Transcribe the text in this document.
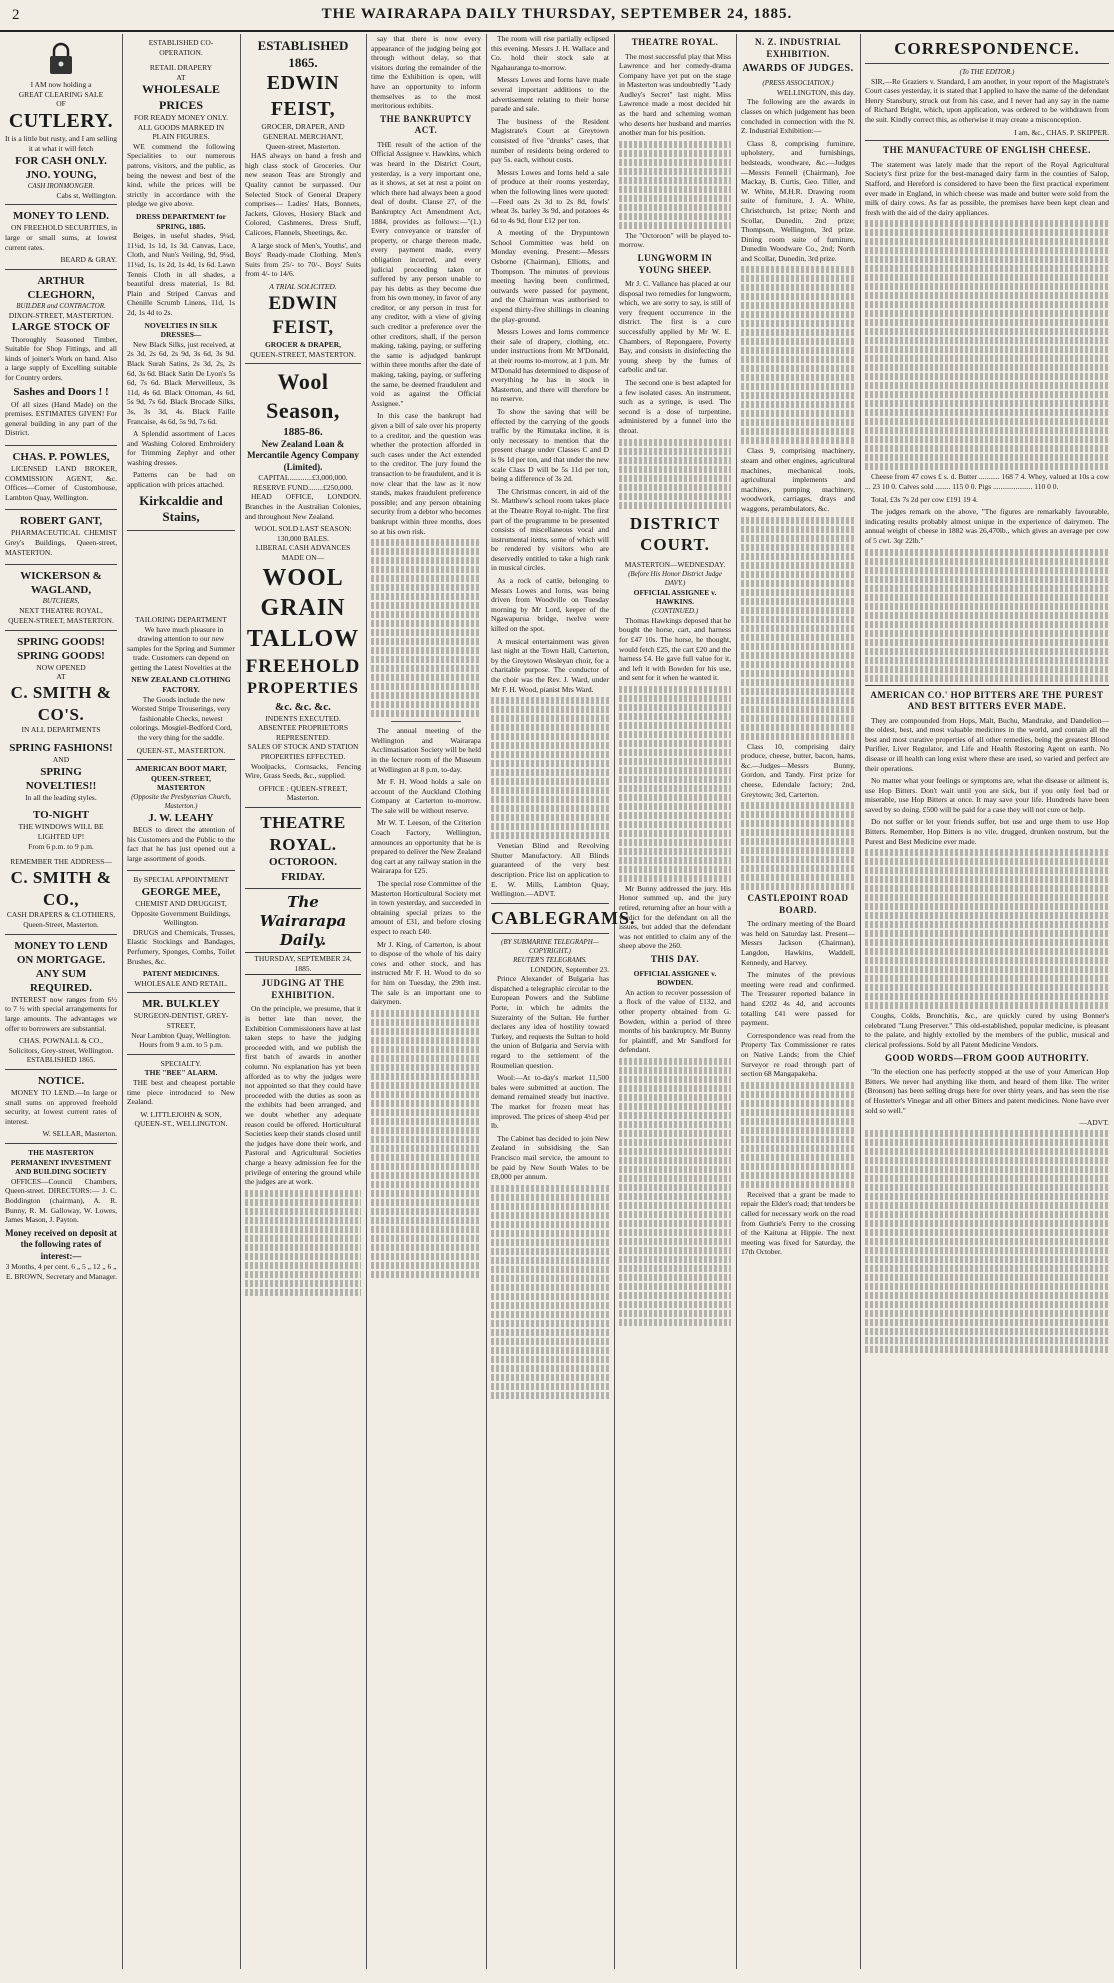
2	THE WAIRARAPA DAILY THURSDAY, SEPTEMBER 24, 1885.
I AM now holding a
GREAT CLEARING SALE
OF
CUTLERY.
It is a little but rusty, and I am selling it at what it will fetch
FOR CASH ONLY.
JNO. YOUNG,
CASH IRONMONGER.
Cabs st, Wellington.
MONEY TO LEND.

ON FREEHOLD SECURITIES, in large or small sums, at lowest current rates.

BEARD & GRAY.
ARTHUR CLEGHORN,
BUILDER and CONTRACTOR.
DIXON-STREET, MASTERTON.
LARGE STOCK OF

Thoroughly Seasoned Timber, Suitable for Shop Fittings, and all kinds of joiner's Work on hand. Also a large supply of Excelling suitable for Country orders.

Sashes and Doors ! !

Of all sizes (Hand Made) on the premises. ESTIMATES GIVEN! For general building in any part of the District.

CHAS. P. POWLES,

LICENSED LAND BROKER, COMMISSION AGENT, &c. Offices—Corner of Customhouse, Lambton Quay, Wellington.

ROBERT GANT,

PHARMACEUTICAL CHEMIST Grey's Buildings, Queen-street, MASTERTON.

WICKERSON & WAGLAND,
BUTCHERS,
NEXT THEATRE ROYAL, QUEEN-STREET, MASTERTON.
SPRING GOODS!
SPRING GOODS!
NOW OPENED
AT
C. SMITH & CO'S.
IN ALL DEPARTMENTS
SPRING FASHIONS!
AND
SPRING NOVELTIES!!
In all the leading styles.
TO-NIGHT
THE WINDOWS WILL BE
LIGHTED UP!
From 6 p.m. to 9 p.m.
REMEMBER THE ADDRESS—
C. SMITH & CO.,
CASH DRAPERS & CLOTHIERS,
Queen-Street, Masterton.
MONEY TO LEND ON MORTGAGE.
ANY SUM REQUIRED.

INTEREST now ranges from 6½ to 7 ½ with special arrangements for large amounts. The advantages we offer to borrowers are substantial.

CHAS. POWNALL & CO.,
Solicitors, Grey-street, Wellington. ESTABLISHED 1865.
NOTICE.

MONEY TO LEND.—In large or small sums on approved freehold security, at lowest current rates of interest.

W. SELLAR, Masterton.
THE MASTERTON PERMANENT INVESTMENT AND BUILDING SOCIETY

OFFICES—Council Chambers, Queen-street. DIRECTORS:— J. C. Boddington (chairman), A. R. Bunny, R. M. Galloway, W. Lowes, James Mason, J. Payton.

Money received on deposit at the following rates of interest:—
3 Months, 4 per cent. 6 „ 5 „ 12 „ 6 „
E. BROWN, Secretary and Manager.
ESTABLISHED CO-OPERATION.
RETAIL DRAPERY
AT
WHOLESALE PRICES
FOR READY MONEY ONLY.
ALL GOODS MARKED IN PLAIN FIGURES.

WE commend the following Specialities to our numerous patrons, visitors, and the public, as being the newest and best of the kind, while the prices will be strictly in accordance with the pledge we give above.

DRESS DEPARTMENT for SPRING, 1885.

Beiges, in useful shades, 9¼d, 11¼d, 1s 1d, 1s 3d. Canvas, Lace, Cloth, and Nun's Veiling, 9d, 9¼d, 11¼d, 1s, 1s 2d, 1s 4d, 1s 6d. Lawn Tennis Cloth in all shades, a beautiful dress material, 1s 8d. Plain and Striped Canvas and Chenille Scrumb Linens, 11d, 1s 2d, 1s 4d to 2s.

NOVELTIES IN SILK DRESSES—

New Black Silks, just received, at 2s 3d, 2s 6d, 2s 9d, 3s 6d, 3s 9d. Black Surah Satins, 2s 3d, 2s, 2s 6d, 3s 6d. Black Satin De Lyon's 5s 6d, 7s 6d. Black Merveilleux, 3s 11d, 4s 6d. Black Ottoman, 4s 6d, 5s 9d, 7s 6d. Black Brocade Silks, 3s, 3s 3d, 4s. Black Faille Francaise, 4s 6d, 5s 9d, 7s 6d.

A Splendid assortment of Laces and Washing Colored Embroidery for Trimming Zephyr and other washing dresses.

Patterns can be had on application with prices attached.

Kirkcaldie and Stains,
TAILORING DEPARTMENT

We have much pleasure in drawing attention to our new samples for the Spring and Summer trade. Customers can depend on getting the Latest Novelties at the

NEW ZEALAND CLOTHING FACTORY.

The Goods include the new Worsted Stripe Trouserings, very fashionable Checks, newest colorings. Mosgiel-Bedford Cord, the very thing for the saddle.

QUEEN-ST., MASTERTON.
AMERICAN BOOT MART, QUEEN-STREET, MASTERTON
(Opposite the Presbyterian Church, Masterton.)
J. W. LEAHY

BEGS to direct the attention of his Customers and the Public to the fact that he has just opened out a large assortment of goods.

By SPECIAL APPOINTMENT
GEORGE MEE,
CHEMIST AND DRUGGIST,
Opposite Government Buildings, Wellington.

DRUGS and Chemicals, Trusses, Elastic Stockings and Bandages, Perfumery, Sponges, Combs, Toilet Brushes, &c.

PATENT MEDICINES.
WHOLESALE AND RETAIL.
MR. BULKLEY
SURGEON-DENTIST, GREY-STREET,
Near Lambton Quay, Wellington. Hours from 9 a.m. to 5 p.m.
SPECIALTY.
THE "BEE" ALARM.

THE best and cheapest portable time piece introduced to New Zealand.

W. LITTLEJOHN & SON, QUEEN-ST., WELLINGTON.
ESTABLISHED 1865.
EDWIN FEIST,
GROCER, DRAPER, AND GENERAL MERCHANT,
Queen-street, Masterton.

HAS always on hand a fresh and high class stock of Groceries. Our new season Teas are Strongly and Quality cannot be surpassed. Our Selected Stock of General Drapery comprises— Ladies' Hats, Bonnets, Jackets, Gloves, Hosiery Black and Colored, Cashmeres, Dress Stuff, Calicoes, Flannels, Sheetings, &c.

A large stock of Men's, Youths', and Boys' Ready-made Clothing. Men's Suits from 25/- to 70/-. Boys' Suits from 4/- to 14/6.

A TRIAL SOLICITED.
EDWIN FEIST,
GROCER & DRAPER,
QUEEN-STREET, MASTERTON.
Wool Season,
1885-86.
New Zealand Loan & Mercantile Agency Company (Limited).
CAPITAL............£3,000,000.
RESERVE FUND........£250,000.

HEAD OFFICE, LONDON. Branches in the Australian Colonies, and throughout New Zealand.

WOOL SOLD LAST SEASON: 130,000 BALES.
LIBERAL CASH ADVANCES MADE ON—
WOOL
GRAIN
TALLOW
FREEHOLD
PROPERTIES
&c. &c. &c.
INDENTS EXECUTED.
ABSENTEE PROPRIETORS REPRESENTED.
SALES OF STOCK AND STATION PROPERTIES EFFECTED.

Woolpacks, Cornsacks, Fencing Wire, Grass Seeds, &c., supplied.

OFFICE : QUEEN-STREET, Masterton.
THEATRE ROYAL.
OCTOROON.
FRIDAY.
The Wairarapa Daily.
THURSDAY, SEPTEMBER 24, 1885.
JUDGING AT THE EXHIBITION.

On the principle, we presume, that it is better late than never, the Exhibition Commissioners have at last taken steps to have the judging proceeded with, and we publish the first batch of awards in another column. No explanation has yet been afforded as to why the judges were not appointed so that they could have proceeded with the duties as soon as the exhibits had been arranged, and we doubt whether any adequate reason could be offered. Horticultural Societies keep their stands closed until the judges have done their work, and Pastoral and Agricultural Societies charge a heavy admission fee for the privilege of entering the ground while the judges are at work.

say that there is now every appearance of the judging being got through without delay, so that visitors during the remainder of the time the Exhibition is open, will have an opportunity to inform themselves as to the most meritorious exhibits.

THE BANKRUPTCY ACT.

THE result of the action of the Official Assignee v. Hawkins, which was heard in the District Court, yesterday, is a very important one, as it shows, at set at rest a point on which there had always been a good deal of doubt. Clause 27, of the Bankruptcy Act Amendment Act, 1884, provides as follows:—"(1.) Every conveyance or transfer of property, or charge thereon made, every payment made, every obligation incurred, and every judicial proceeding taken or suffered by any person unable to pay his debts as they become due from his own money, in favor of any creditor, or any person in trust for any creditor, with a view of giving such creditor a preference over the other creditors, shall, if the person making, taking, paying, or suffering the same is adjudged bankrupt within three months after the date of making, taking, paying, or suffering the same, be deemed fraudulent and void as against the Official Assignee."

In this case the bankrupt had given a bill of sale over his property to a creditor, and the question was whether the protection afforded in such cases under the Act extended to the creditor. The jury found the transaction to be fraudulent, and it is now clear that the law as it now stands, makes fraudulent preference possible; and any person obtaining security from a debtor who becomes bankrupt within three months, does so at his own risk.

The annual meeting of the Wellington and Wairarapa Acclimatisation Society will be held in the lecture room of the Museum at Wellington at 8 p.m. to-day.

Mr F. H. Wood holds a sale on account of the Auckland Clothing Company at Carterton to-morrow. The sale will be without reserve.

Mr W. T. Leeson, of the Criterion Coach Factory, Wellington, announces an opportunity that he is prepared to deliver the New Zealand dog cart at any railway station in the Wairarapa for £25.

The special rose Committee of the Masterton Horticultural Society met in town yesterday, and succeeded in obtaining special prizes to the amount of £31, and before closing expect to reach £40.

Mr J. King, of Carterton, is about to dispose of the whole of his dairy cows and other stock, and has instructed Mr F. H. Wood to do so for him on Tuesday, the 29th inst. The sale is an important one to dairymen.

The room will rise partially eclipsed this evening. Messrs J. H. Wallace and Co. hold their stock sale at Ngahauranga to-morrow.

Messrs Lowes and Iorns have made several important additions to the advertisement relating to their horse parade and sale.

The business of the Resident Magistrate's Court at Greytown consisted of five "drunks" cases, that number of residents being ordered to pay 5s. each, without costs.

Messrs Lowes and Iorns held a sale of produce at their rooms yesterday, when the following lines were quoted:—Feed oats 2s 3d to 2s 8d, fowls' wheat 3s. barley 3s 9d, and potatoes 4s 6d to 4s 9d, flour £12 per ton.

A meeting of the Drypuntown School Committee was held on Monday evening. Present:—Messrs Osborne (Chairman), Elliotts, and Thompson. The minutes of previous meeting having been confirmed, outwards were passed for payment, and the Chairman was authorised to expend thirty-five shillings in cleaning the play-ground.

Messrs Lowes and Iorns commence their sale of drapery, clothing, etc. under instructions from Mr M'Donald, at their rooms to-morrow, at 1 p.m. Mr M'Donald has determined to dispose of everything he has in stock in Masterton, and there will therefore be no reserve.

To show the saving that will be effected by the carrying of the goods traffic by the Rimutaka incline, it is only necessary to mention that the present charge under Classes C and D is 9s 1d per ton, and that under the new scale Class D will be 5s 11d per ton, being a difference of 3s 2d.

The Christmas concert, in aid of the St. Matthew's school room takes place at the Theatre Royal to-night. The first part of the programme to be presented consists of miscellaneous vocal and instrumental items, some of which will be rendered by visitors who are deservedly entitled to take a high rank in musical circles.

As a rock of cattle, belonging to Messrs Lowes and Iorns, was being driven from Woodville on Tuesday morning by Mr Lord, keeper of the Ngawapurua bridge, twelve were killed on the spot.

A musical entertainment was given last night at the Town Hall, Carterton, by the Greytown Wesleyan choir, for a charitable purpose. The conductor of the choir was the Rev. J. Ward, under Mr F. H. Wood, pianist Mrs Ward.

Venetian Blind and Revolving Shutter Manufactory. All Blinds guaranteed of the very best description. Price list on application to E. W. Mills, Lambton Quay, Wellington.—ADVT.

CABLEGRAMS.
(BY SUBMARINE TELEGRAPH—COPYRIGHT.)
REUTER'S TELEGRAMS.
LONDON, September 23.

Prince Alexander of Bulgaria has dispatched a telegraphic circular to the European Powers and the Sublime Porte, in which he admits the Suzerainty of the Sultan. He further declares any idea of hostility toward Turkey, and requests the Sultan to hold the union of Bulgaria and Servia with regard to the settlement of the Roumelian question.

Wool:—At to-day's market 11,500 bales were submitted at auction. The demand remained steady but inactive. The market for frozen meat has improved. The prices of sheep 4½d per lb.

The Cabinet has decided to join New Zealand in subsidising the San Francisco mail service, the amount to be paid by New South Wales to be £8,000 per annum.

THEATRE ROYAL.

The most successful play that Miss Lawrence and her comedy-drama Company have yet put on the stage in Masterton was undoubtedly "Lady Audley's Secret" last night. Miss Lawrence made a most decided hit as the hard and scheming woman who deserts her husband and marries another man for his position.

The "Octoroon" will be played to-morrow.

LUNGWORM IN YOUNG SHEEP.

Mr J. C. Vallance has placed at our disposal two remedies for lungworm, which, we are sorry to say, is still of very frequent occurrence in the district. The first is a cure successfully applied by Mr W. E. Chambers, of Repongaere, Poverty Bay, and consists in disinfecting the young sheep by the fumes of carbolic and tar.

The second one is best adapted for a few isolated cases. An instrument, such as a syringe, is used. The second is a dose of turpentine, administered by a funnel into the throat.

DISTRICT COURT.
MASTERTON—WEDNESDAY.
(Before His Honor District Judge DAVY.)
OFFICIAL ASSIGNEE v. HAWKINS.
(CONTINUED.)

Thomas Hawkings deposed that he bought the horse, cart, and harness for £47 10s. The horse, he thought, would fetch £25, the cart £20 and the harness £4. He gave full value for it, and left it with Bowden for his use, and sent for it when he wanted it.

Mr Bunny addressed the jury. His Honor summed up, and the jury retired, returning after an hour with a verdict for the defendant on all the issues, but added that the defendant was not entitled to claim any of the sheep above the 260.

THIS DAY.
OFFICIAL ASSIGNEE v. BOWDEN.

An action to recover possession of a flock of the value of £132, and other property obtained from G. Bowden, within a period of three months of his bankruptcy. Mr Bunny for plaintiff, and Mr Sandford for defendant.

N. Z. INDUSTRIAL EXHIBITION.
AWARDS OF JUDGES.
(PRESS ASSOCIATION.)
WELLINGTON, this day.

The following are the awards in classes on which judgement has been concluded in connection with the N. Z. Industrial Exhibition:—

Class 8, comprising furniture, upholstery, and furnishings, bedsteads, woodware, &c.—Judges—Messrs Fennell (Chairman), Joe Mackay, B. Curtis, Geo. Tiller, and W. White, M.H.R. Drawing room suite of furniture, J. A. White, Christchurch, 1st prize; North and Scollar, Dunedin, 2nd prize; Thompson, Wellington, 3rd prize. Dining room suite of furniture, Dunedin Woodware Co., 2nd; North and Scollar, Dunedin, 3rd prize.

Class 9, comprising machinery, steam and other engines, agricultural machines, mechanical tools, agricultural implements and machines, pumping machinery, woodwork, carriages, drays and waggons, perambulators, &c.

Class 10, comprising dairy produce, cheese, butter, bacon, hams, &c.—Judges—Messrs Bunny, Gordon, and Tandy. First prize for cheese, Edendale factory; 2nd, Greytown; 3rd, Carterton.

CASTLEPOINT ROAD BOARD.

The ordinary meeting of the Board was held on Saturday last. Present—Messrs Jackson (Chairman), Langdon, Hawkins, Waddell, Kennedy, and Harvey.

The minutes of the previous meeting were read and confirmed. The Treasurer reported balance in hand £202 4s 4d, and accounts totalling £41 were passed for payment.

Correspondence was read from the Property Tax Commissioner re rates on Native Lands; from the Chief Surveyor re road through part of section 68 Mangapakeha.

Received that a grant be made to repair the Elder's road; that tenders be called for necessary work on the road from Guthrie's Ferry to the crossing of the Kaituna at Hippie. The next meeting was fixed for Saturday, the 17th October.

CORRESPONDENCE.
(To THE EDITOR.)

SIR,—Re Graziers v. Standard, I am another, in your report of the Magistrate's Court cases yesterday, it is stated that I applied to have the name of the defendant Henry Stansbury, struck out from his case, and I never had any say in the name of Richard Bright, which, upon application, was ordered to be withdrawn from the suit. Kindly correct this, as otherwise it may create a misconception.

I am, &c., CHAS. P. SKIPPER.
THE MANUFACTURE OF ENGLISH CHEESE.

The statement was lately made that the report of the Royal Agricultural Society's first prize for the best-managed dairy farm in the counties of Salop, Stafford, and Hereford is considered to have been the first practical experiment ever made in England, in which cheese was made and butter were sold from the milk of dairy cows. As far as possible, the premises have been kept clean and fresh with the aid of the dairy appliances.

Cheese from 47 cows £ s. d. Butter ........... 168 7 4. Whey, valued at 10s a cow ... 23 10 0. Calves sold ........ 115 0 0. Pigs ..................... 110 0 0.

Total, £3s 7s 2d per cow £191 19 4.

The judges remark on the above, "The figures are remarkably favourable, indicating results probably almost unique in the experience of dairymen. The annual weight of cheese in 1882 was 26,470lb., which gives an average per cow of 5 cwt. 3qr 22lb."

AMERICAN CO.' HOP BITTERS ARE THE PUREST AND BEST BITTERS EVER MADE.

They are compounded from Hops, Malt, Buchu, Mandrake, and Dandelion—the oldest, best, and most valuable medicines in the world, and contain all the best and most curative properties of all other remedies, being the greatest Blood Purifier, Liver Regulator, and Life and Health Restoring Agent on earth. No disease or ill health can long exist where these are used, so varied and perfect are their operations.

No matter what your feelings or symptoms are, what the disease or ailment is, use Hop Bitters. Don't wait until you are sick, but if you only feel bad or miserable, use Hop Bitters at once. It may save your life. Hundreds have been saved by so doing. £500 will be paid for a case they will not cure or help.

Do not suffer or let your friends suffer, but use and urge them to use Hop Bitters. Remember, Hop Bitters is no vile, drugged, drunken nostrum, but the Purest and Best Medicine ever made.

Coughs, Colds, Bronchitis, &c., are quickly cured by using Bonner's celebrated "Lung Preserver." This old-established, popular medicine, is pleasant to the palate, and highly extolled by the members of the public, musical and clerical professions. Sold by all Patent Medicine Vendors.

GOOD WORDS—FROM GOOD AUTHORITY.

"In the election one has perfectly stopped at the use of your American Hop Bitters. We never had anything like them, and heard of them like. The writer (Bronson) has been selling drugs here for over thirty years, and has seen the rise of Hostetter's Vinegar and all other Bitters and patent medicines. None have ever sold so well."

—ADVT.
